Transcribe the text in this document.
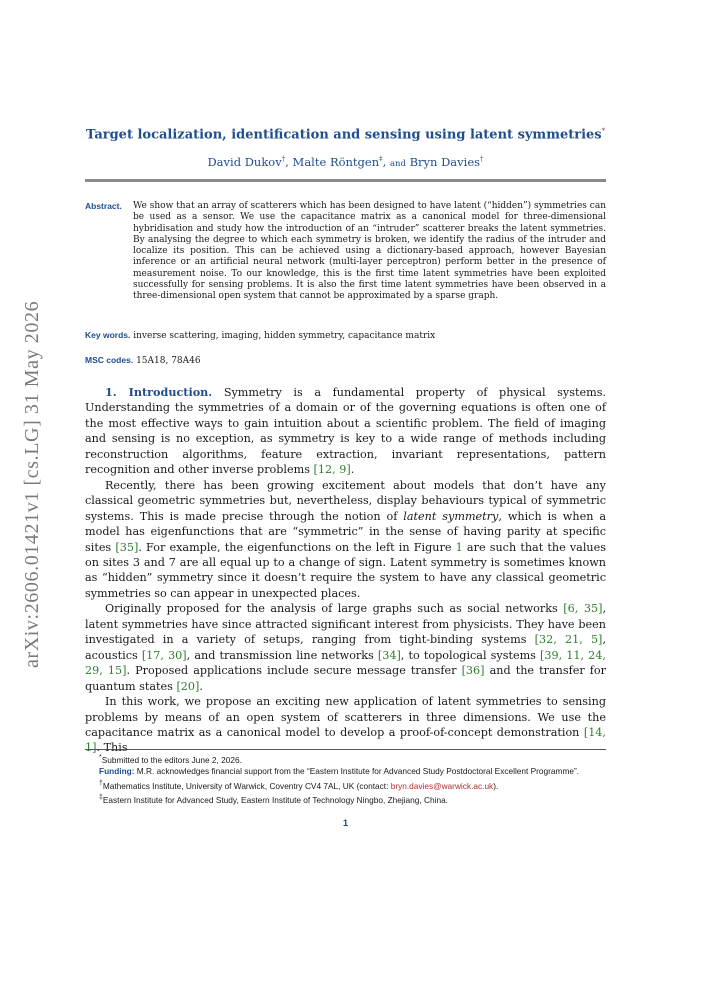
arXiv:2606.01421v1 [cs.LG] 31 May 2026
Target localization, identification and sensing using latent symmetries*
David Dukov†, Malte Röntgen‡, and Bryn Davies†
Abstract.	We show that an array of scatterers which has been designed to have latent (“hidden”) symmetries can be used as a sensor. We use the capacitance matrix as a canonical model for three-dimensional hybridisation and study how the introduction of an “intruder” scatterer breaks the latent symmetries. By analysing the degree to which each symmetry is broken, we identify the radius of the intruder and localize its position. This can be achieved using a dictionary-based approach, however Bayesian inference or an artificial neural network (multi-layer perceptron) perform better in the presence of measurement noise. To our knowledge, this is the first time latent symmetries have been exploited successfully for sensing problems. It is also the first time latent symmetries have been observed in a three-dimensional open system that cannot be approximated by a sparse graph.
Key words. inverse scattering, imaging, hidden symmetry, capacitance matrix
MSC codes. 15A18, 78A46

1. Introduction. Symmetry is a fundamental property of physical systems. Understanding the symmetries of a domain or of the governing equations is often one of the most effective ways to gain intuition about a scientific problem. The field of imaging and sensing is no exception, as symmetry is key to a wide range of methods including reconstruction algorithms, feature extraction, invariant representations, pattern recognition and other inverse problems [12, 9].

Recently, there has been growing excitement about models that don’t have any classical geometric symmetries but, nevertheless, display behaviours typical of symmetric systems. This is made precise through the notion of latent symmetry, which is when a model has eigenfunctions that are “symmetric” in the sense of having parity at specific sites [35]. For example, the eigenfunctions on the left in Figure 1 are such that the values on sites 3 and 7 are all equal up to a change of sign. Latent symmetry is sometimes known as “hidden” symmetry since it doesn’t require the system to have any classical geometric symmetries so can appear in unexpected places.

Originally proposed for the analysis of large graphs such as social networks [6, 35], latent symmetries have since attracted significant interest from physicists. They have been investigated in a variety of setups, ranging from tight-binding systems [32, 21, 5], acoustics [17, 30], and transmission line networks [34], to topological systems [39, 11, 24, 29, 15]. Proposed applications include secure message transfer [36] and the transfer for quantum states [20].

In this work, we propose an exciting new application of latent symmetries to sensing problems by means of an open system of scatterers in three dimensions. We use the capacitance matrix as a canonical model to develop a proof-of-concept demonstration [14, 1]. This

*Submitted to the editors June 2, 2026.

Funding: M.R. acknowledges financial support from the “Eastern Institute for Advanced Study Postdoctoral Excellent Programme”.

†Mathematics Institute, University of Warwick, Coventry CV4 7AL, UK (contact: bryn.davies@warwick.ac.uk).

‡Eastern Institute for Advanced Study, Eastern Institute of Technology Ningbo, Zhejiang, China.

1
